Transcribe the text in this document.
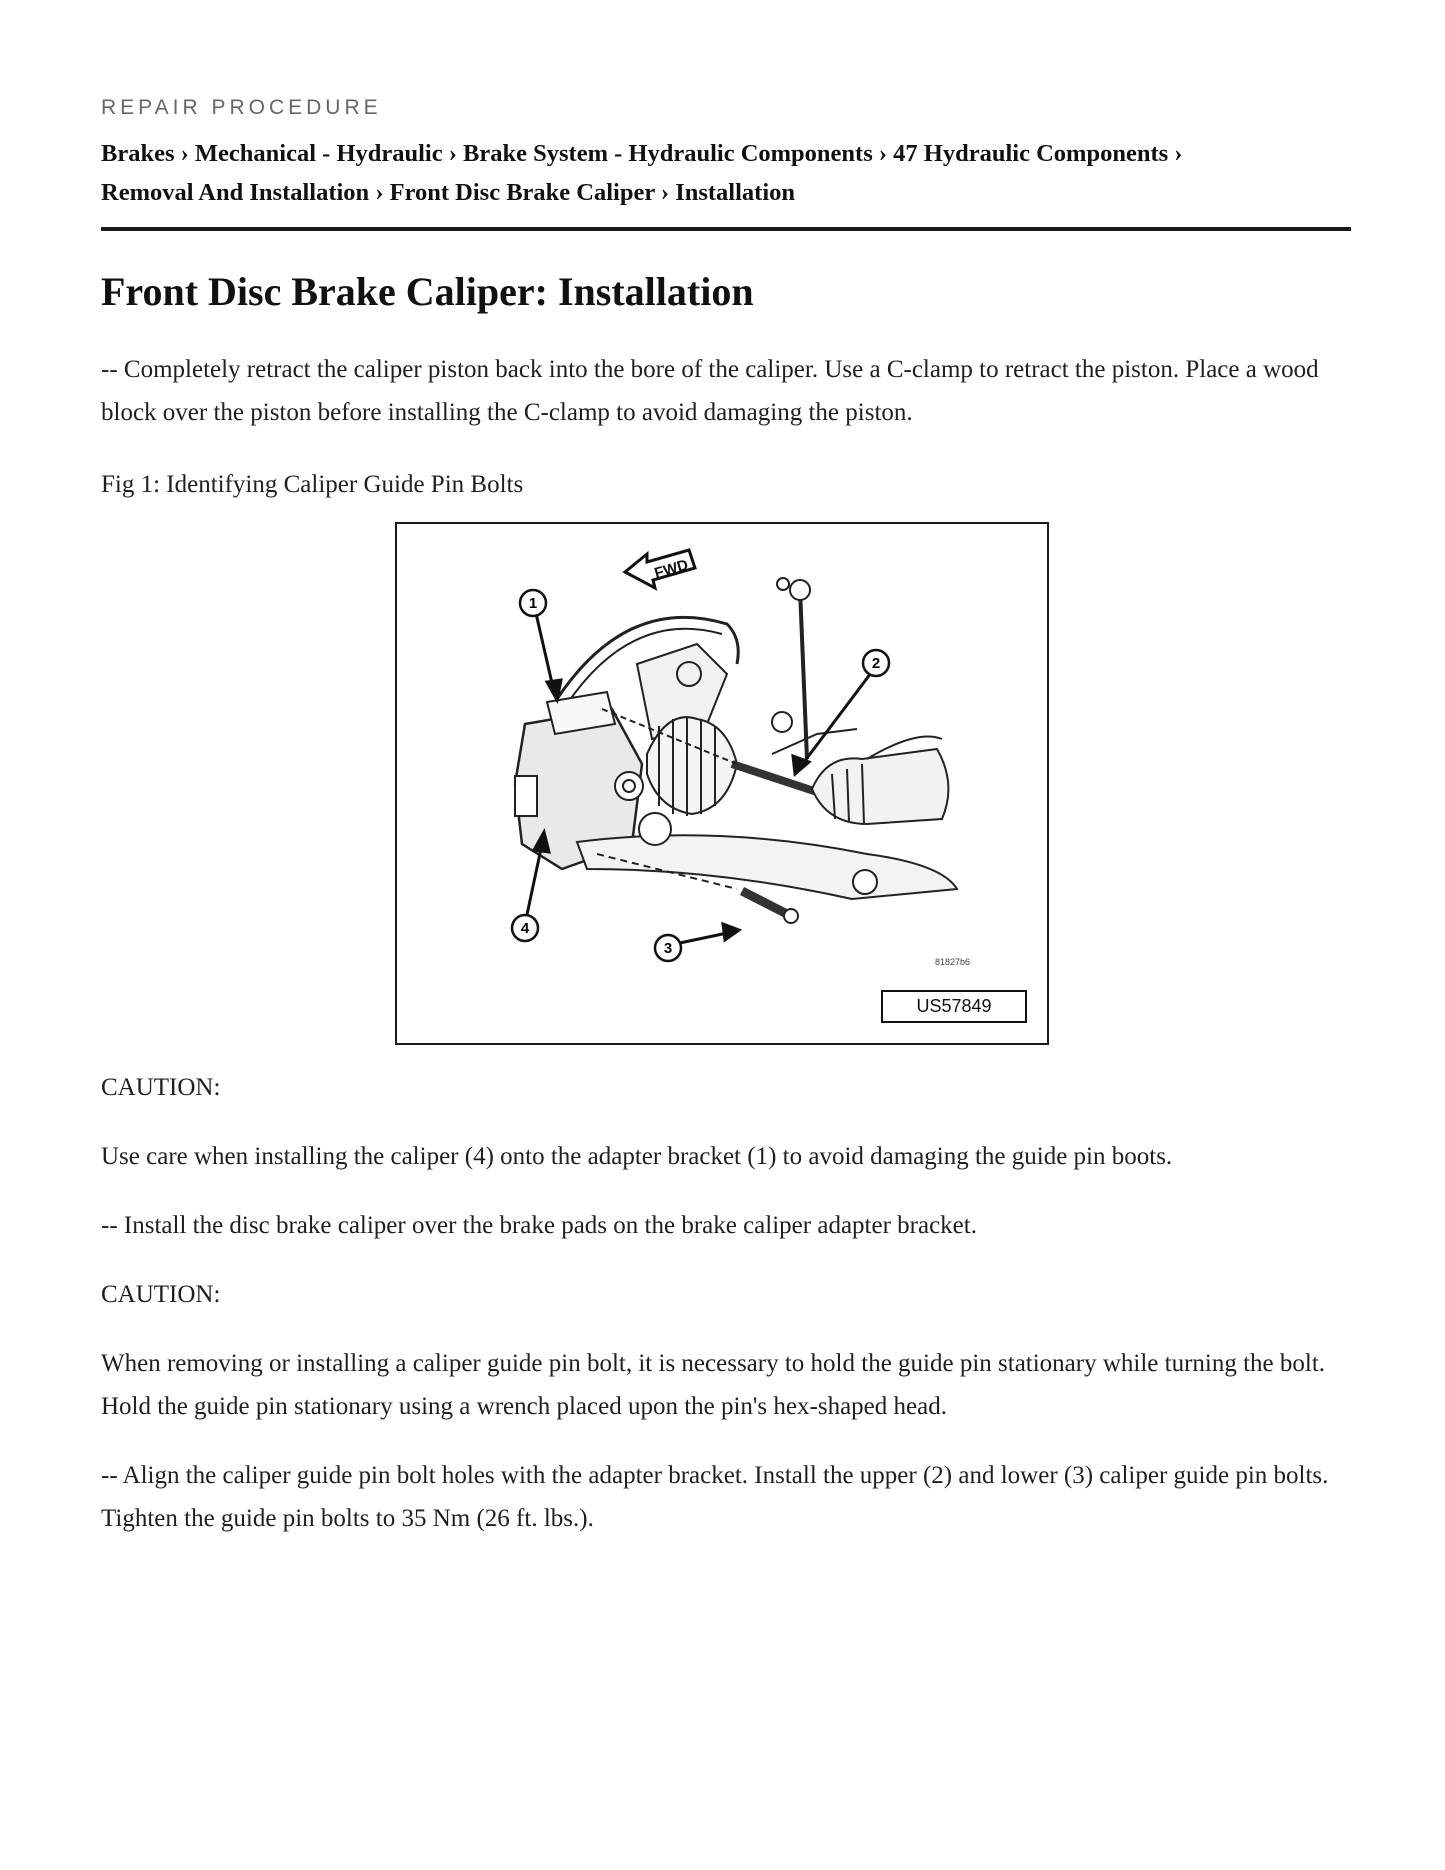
REPAIR PROCEDURE
Brakes › Mechanical - Hydraulic › Brake System - Hydraulic Components › 47 Hydraulic Components ›
Removal And Installation › Front Disc Brake Caliper › Installation
Front Disc Brake Caliper: Installation

-- Completely retract the caliper piston back into the bore of the caliper. Use a C-clamp to retract the piston. Place a wood block over the piston before installing the C-clamp to avoid damaging the piston.

Fig 1: Identifying Caliper Guide Pin Bolts

FWD
1
2
3
4
81827b6
US57849

CAUTION:

Use care when installing the caliper (4) onto the adapter bracket (1) to avoid damaging the guide pin boots.

-- Install the disc brake caliper over the brake pads on the brake caliper adapter bracket.

CAUTION:

When removing or installing a caliper guide pin bolt, it is necessary to hold the guide pin stationary while turning the bolt. Hold the guide pin stationary using a wrench placed upon the pin's hex-shaped head.

-- Align the caliper guide pin bolt holes with the adapter bracket. Install the upper (2) and lower (3) caliper guide pin bolts. Tighten the guide pin bolts to 35 Nm (26 ft. lbs.).
